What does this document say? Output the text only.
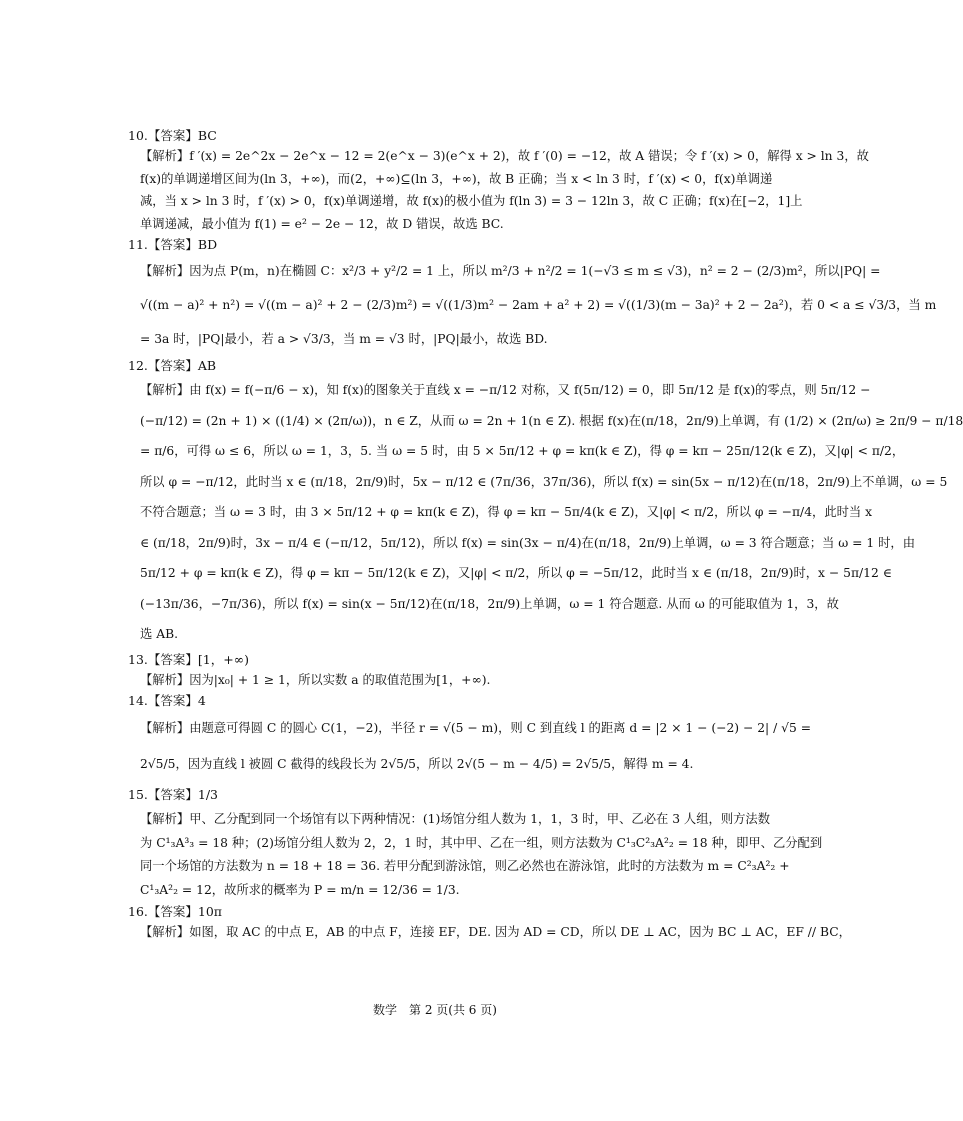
10.【答案】BC
【解析】f ′(x) = 2e^2x − 2e^x − 12 = 2(e^x − 3)(e^x + 2)，故 f ′(0) = −12，故 A 错误；令 f ′(x) > 0，解得 x > ln 3，故
f(x)的单调递增区间为(ln 3，+∞)，而(2，+∞)⊆(ln 3，+∞)，故 B 正确；当 x < ln 3 时，f ′(x) < 0，f(x)单调递
减，当 x > ln 3 时，f ′(x) > 0，f(x)单调递增，故 f(x)的极小值为 f(ln 3) = 3 − 12ln 3，故 C 正确；f(x)在[−2，1]上
单调递减，最小值为 f(1) = e² − 2e − 12，故 D 错误，故选 BC.
11.【答案】BD
【解析】因为点 P(m，n)在椭圆 C：x²/3 + y²/2 = 1 上，所以 m²/3 + n²/2 = 1(−√3 ≤ m ≤ √3)，n² = 2 − (2/3)m²，所以|PQ| =
√((m − a)² + n²) = √((m − a)² + 2 − (2/3)m²) = √((1/3)m² − 2am + a² + 2) = √((1/3)(m − 3a)² + 2 − 2a²)，若 0 < a ≤ √3/3，当 m
= 3a 时，|PQ|最小，若 a > √3/3，当 m = √3 时，|PQ|最小，故选 BD.
12.【答案】AB
【解析】由 f(x) = f(−π/6 − x)，知 f(x)的图象关于直线 x = −π/12 对称，又 f(5π/12) = 0，即 5π/12 是 f(x)的零点，则 5π/12 −
(−π/12) = (2n + 1) × ((1/4) × (2π/ω))，n ∈ Z，从而 ω = 2n + 1(n ∈ Z). 根据 f(x)在(π/18，2π/9)上单调，有 (1/2) × (2π/ω) ≥ 2π/9 − π/18
= π/6，可得 ω ≤ 6，所以 ω = 1，3，5. 当 ω = 5 时，由 5 × 5π/12 + φ = kπ(k ∈ Z)，得 φ = kπ − 25π/12(k ∈ Z)，又|φ| < π/2，
所以 φ = −π/12，此时当 x ∈ (π/18，2π/9)时，5x − π/12 ∈ (7π/36，37π/36)，所以 f(x) = sin(5x − π/12)在(π/18，2π/9)上不单调，ω = 5
不符合题意；当 ω = 3 时，由 3 × 5π/12 + φ = kπ(k ∈ Z)，得 φ = kπ − 5π/4(k ∈ Z)，又|φ| < π/2，所以 φ = −π/4，此时当 x
∈ (π/18，2π/9)时，3x − π/4 ∈ (−π/12，5π/12)，所以 f(x) = sin(3x − π/4)在(π/18，2π/9)上单调，ω = 3 符合题意；当 ω = 1 时，由
5π/12 + φ = kπ(k ∈ Z)，得 φ = kπ − 5π/12(k ∈ Z)，又|φ| < π/2，所以 φ = −5π/12，此时当 x ∈ (π/18，2π/9)时，x − 5π/12 ∈
(−13π/36，−7π/36)，所以 f(x) = sin(x − 5π/12)在(π/18，2π/9)上单调，ω = 1 符合题意. 从而 ω 的可能取值为 1，3，故
选 AB.
13.【答案】[1，+∞)
【解析】因为|x₀| + 1 ≥ 1，所以实数 a 的取值范围为[1，+∞).
14.【答案】4
【解析】由题意可得圆 C 的圆心 C(1，−2)，半径 r = √(5 − m)，则 C 到直线 l 的距离 d = |2 × 1 − (−2) − 2| / √5 =
2√5/5，因为直线 l 被圆 C 截得的线段长为 2√5/5，所以 2√(5 − m − 4/5) = 2√5/5，解得 m = 4.
15.【答案】1/3
【解析】甲、乙分配到同一个场馆有以下两种情况：(1)场馆分组人数为 1，1，3 时，甲、乙必在 3 人组，则方法数
为 C¹₃A³₃ = 18 种；(2)场馆分组人数为 2，2，1 时，其中甲、乙在一组，则方法数为 C¹₃C²₃A²₂ = 18 种，即甲、乙分配到
同一个场馆的方法数为 n = 18 + 18 = 36. 若甲分配到游泳馆，则乙必然也在游泳馆，此时的方法数为 m = C²₃A²₂ +
C¹₃A²₂ = 12，故所求的概率为 P = m/n = 12/36 = 1/3.
16.【答案】10π
【解析】如图，取 AC 的中点 E，AB 的中点 F，连接 EF，DE. 因为 AD = CD，所以 DE ⊥ AC，因为 BC ⊥ AC，EF // BC，
数学　第 2 页(共 6 页)
